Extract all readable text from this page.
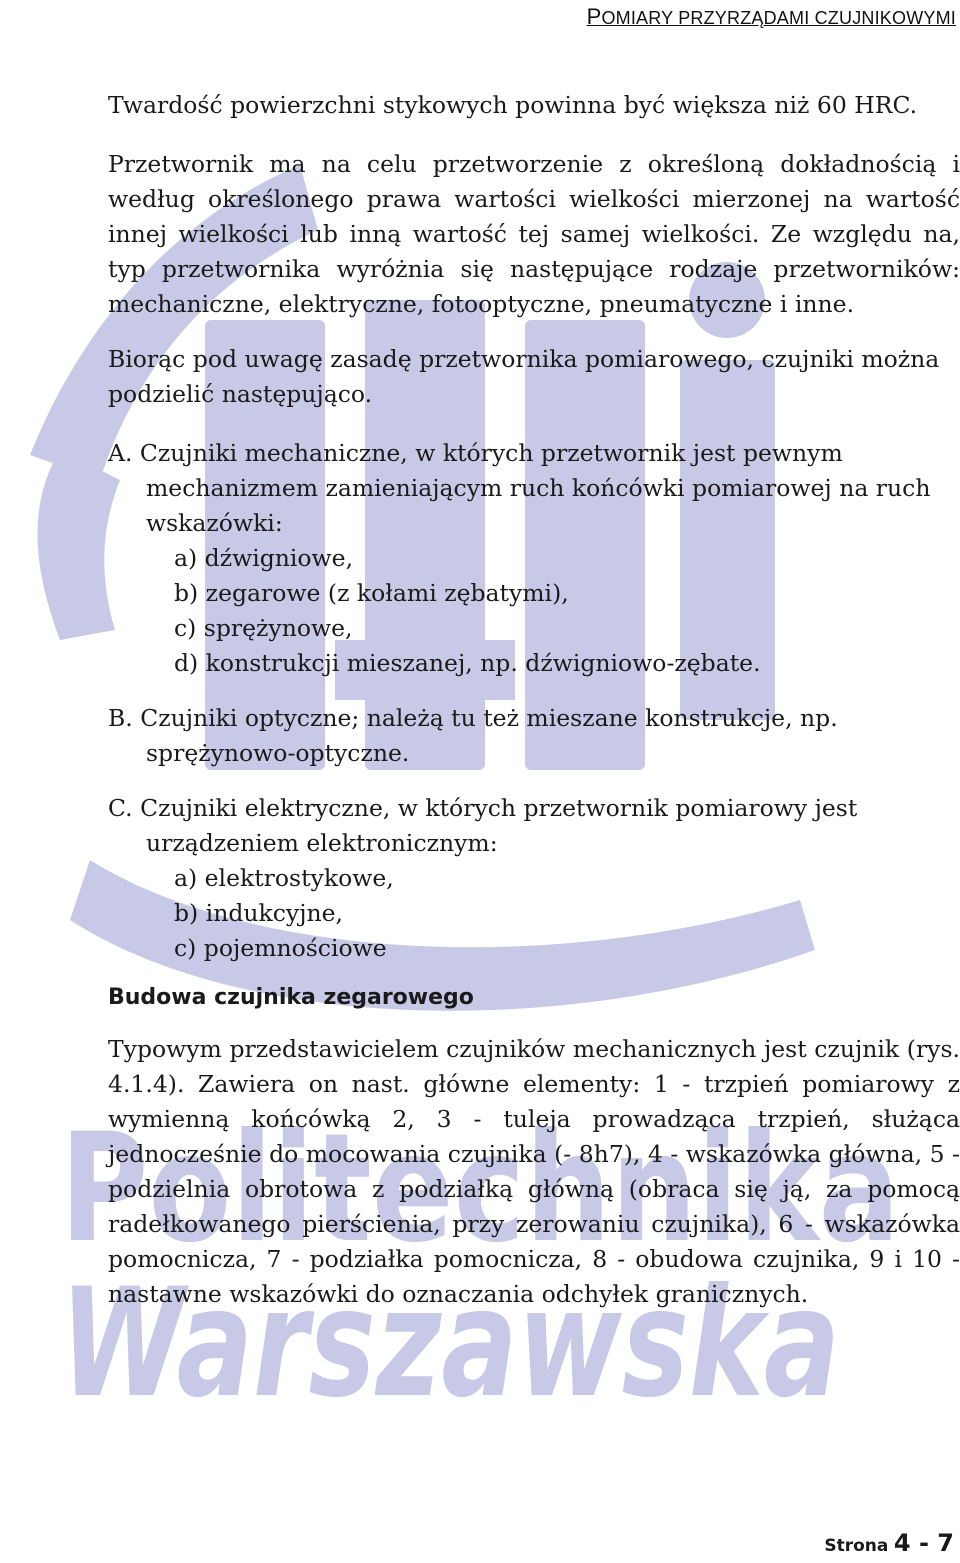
Politechnika
Warszawska
POMIARY PRZYRZĄDAMI CZUJNIKOWYMI

Twardość powierzchni stykowych powinna być większa niż 60 HRC.

Przetwornik ma na celu przetworzenie z określoną dokładnością i według określonego prawa wartości wielkości mierzonej na wartość innej wielkości lub inną wartość tej samej wielkości. Ze względu na, typ przetwornika wyróżnia się następujące rodzaje przetworników: mechaniczne, elektryczne, fotooptyczne, pneumatyczne i inne.

Biorąc pod uwagę zasadę przetwornika pomiarowego, czujniki można podzielić następująco.

A. Czujniki mechaniczne, w których przetwornik jest pewnym mechanizmem zamieniającym ruch końcówki pomiarowej na ruch wskazówki:

a) dźwigniowe,

b) zegarowe (z kołami zębatymi),

c) sprężynowe,

d) konstrukcji mieszanej, np. dźwigniowo-zębate.

B. Czujniki optyczne; należą tu też mieszane konstrukcje, np. sprężynowo-optyczne.

C. Czujniki elektryczne, w których przetwornik pomiarowy jest urządzeniem elektronicznym:

a) elektrostykowe,

b) indukcyjne,

c) pojemnościowe

Budowa czujnika zegarowego

Typowym przedstawicielem czujników mechanicznych jest czujnik (rys. 4.1.4). Zawiera on nast. główne elementy: 1 - trzpień pomiarowy z wymienną końcówką 2, 3 - tuleja prowadząca trzpień, służąca jednocześnie do mocowania czujnika (- 8h7), 4 - wskazówka główna, 5 - podzielnia obrotowa z podziałką główną (obraca się ją, za pomocą radełkowanego pierścienia, przy zerowaniu czujnika), 6 - wskazówka pomocnicza, 7 - podziałka pomocnicza, 8 - obudowa czujnika, 9 i 10 - nastawne wskazówki do oznaczania odchyłek granicznych.

Strona 4 - 7
